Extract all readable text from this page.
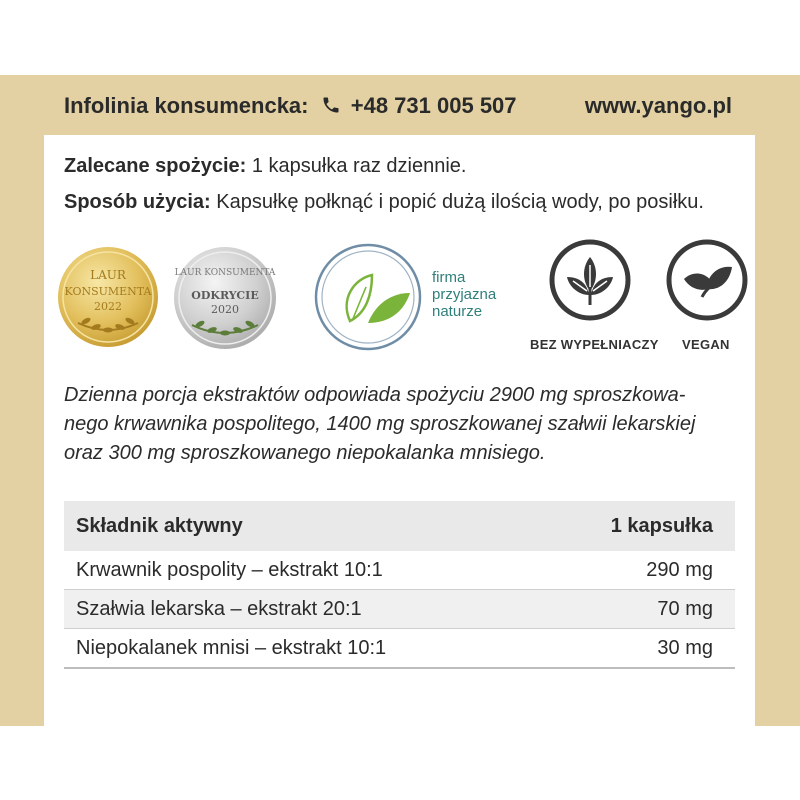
Infolinia konsumencka: +48 731 005 507	www.yango.pl
Zalecane spożycie: 1 kapsułka raz dziennie.
Sposób użycia: Kapsułkę połknąć i popić dużą ilością wody, po posiłku.
LAUR
KONSUMENTA
2022
LAUR KONSUMENTA
ODKRYCIE
2020
firma
przyjazna
naturze
BEZ WYPEŁNIACZY VEGAN
Dzienna porcja ekstraktów odpowiada spożyciu 2900 mg sproszkowa-
nego krwawnika pospolitego, 1400 mg sproszkowanej szałwii lekarskiej
oraz 300 mg sproszkowanego niepokalanka mnisiego.
Składnik aktywny	1 kapsułka
Krwawnik pospolity – ekstrakt 10:1	290 mg
Szałwia lekarska – ekstrakt 20:1	70 mg
Niepokalanek mnisi – ekstrakt 10:1	30 mg
